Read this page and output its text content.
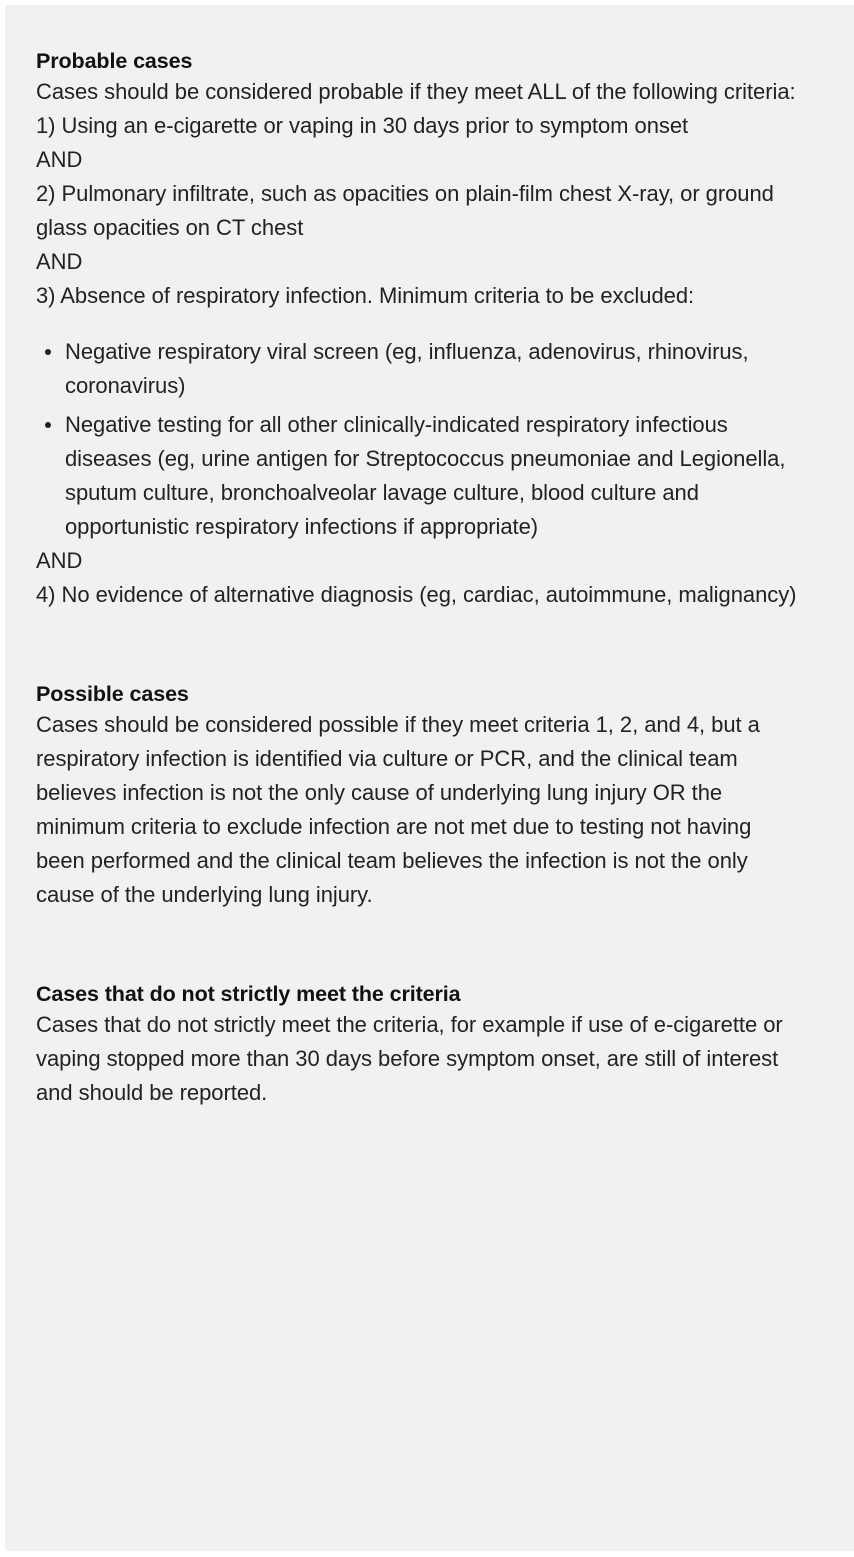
Probable cases

Cases should be considered probable if they meet ALL of the following criteria:

1) Using an e-cigarette or vaping in 30 days prior to symptom onset

AND

2) Pulmonary infiltrate, such as opacities on plain-film chest X-ray, or ground glass opacities on CT chest

AND

3) Absence of respiratory infection. Minimum criteria to be excluded:

Negative respiratory viral screen (eg, influenza, adenovirus, rhinovirus, coronavirus)
Negative testing for all other clinically-indicated respiratory infectious diseases (eg, urine antigen for Streptococcus pneumoniae and Legionella, sputum culture, bronchoalveolar lavage culture, blood culture and opportunistic respiratory infections if appropriate)

AND

4) No evidence of alternative diagnosis (eg, cardiac, autoimmune, malignancy)

Possible cases

Cases should be considered possible if they meet criteria 1, 2, and 4, but a respiratory infection is identified via culture or PCR, and the clinical team believes infection is not the only cause of underlying lung injury OR the minimum criteria to exclude infection are not met due to testing not having been performed and the clinical team believes the infection is not the only cause of the underlying lung injury.

Cases that do not strictly meet the criteria

Cases that do not strictly meet the criteria, for example if use of e-cigarette or vaping stopped more than 30 days before symptom onset, are still of interest and should be reported.
